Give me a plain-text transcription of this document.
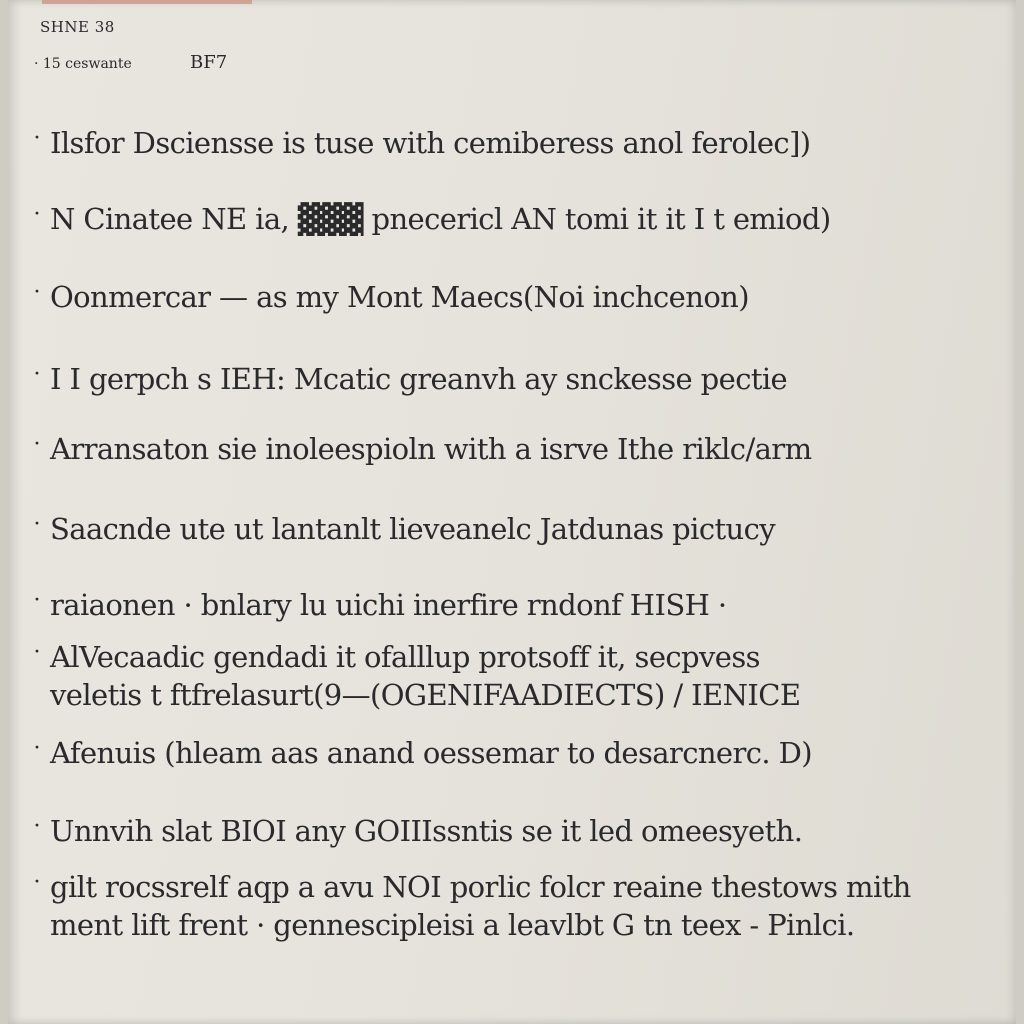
SHNE 38
· 15 ceswante	BF7
· Ilsfor Dsciensse is tuse with cemiberess anol ferolec])
· N Cinatee NE ia, ▓▓▓ pnecericl AN tomi it it I t emiod)
· Oonmercar — as my Mont Maecs(Noi inchcenon)
· I I gerpch s IEH: Mcatic greanvh ay snckesse pectie
· Arransaton sie inoleespioln with a isrve Ithe riklc/arm
· Saacnde ute ut lantanlt lieveanelc Jatdunas pictucy
· raiaonen · bnlary lu uichi inerfire rndonf HISH ·
· AlVecaadic gendadi it ofalllup protsoff it, secpvess
veletis t ftfrelasurt(9—(OGENIFAADIECTS) / IENICE
· Afenuis (hleam aas anand oessemar to desarcnerc. D)
· Unnvih slat BIOI any GOIIIssntis se it led omeesyeth.
· gilt rocssrelf aqp a avu NOI porlic folcr reaine thestows mith
ment lift frent · gennescipleisi a leavlbt G tn teex - Pinlci.
